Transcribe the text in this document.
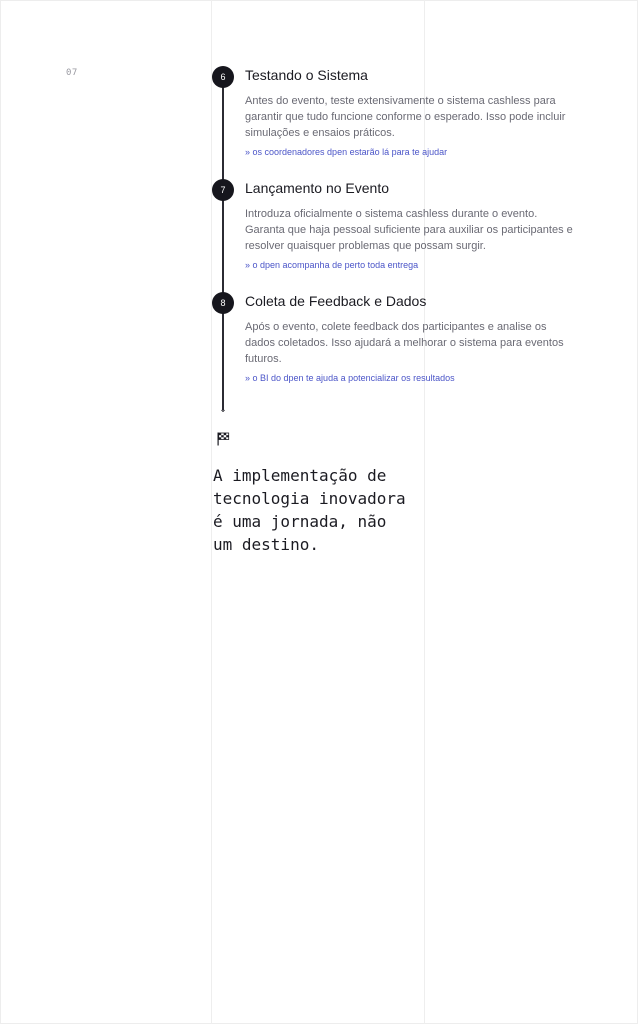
07
↓
6	Testando o Sistema

Antes do evento, teste extensivamente o sistema cashless para garantir que tudo funcione conforme o esperado. Isso pode incluir simulações e ensaios práticos.

» os coordenadores dpen estarão lá para te ajudar
7	Lançamento no Evento

Introduza oficialmente o sistema cashless durante o evento. Garanta que haja pessoal suficiente para auxiliar os participantes e resolver quaisquer problemas que possam surgir.

» o dpen acompanha de perto toda entrega
8	Coleta de Feedback e Dados

Após o evento, colete feedback dos participantes e analise os dados coletados. Isso ajudará a melhorar o sistema para eventos futuros.

» o BI do dpen te ajuda a potencializar os resultados

A implementação de tecnologia inovadora é uma jornada, não um destino.
